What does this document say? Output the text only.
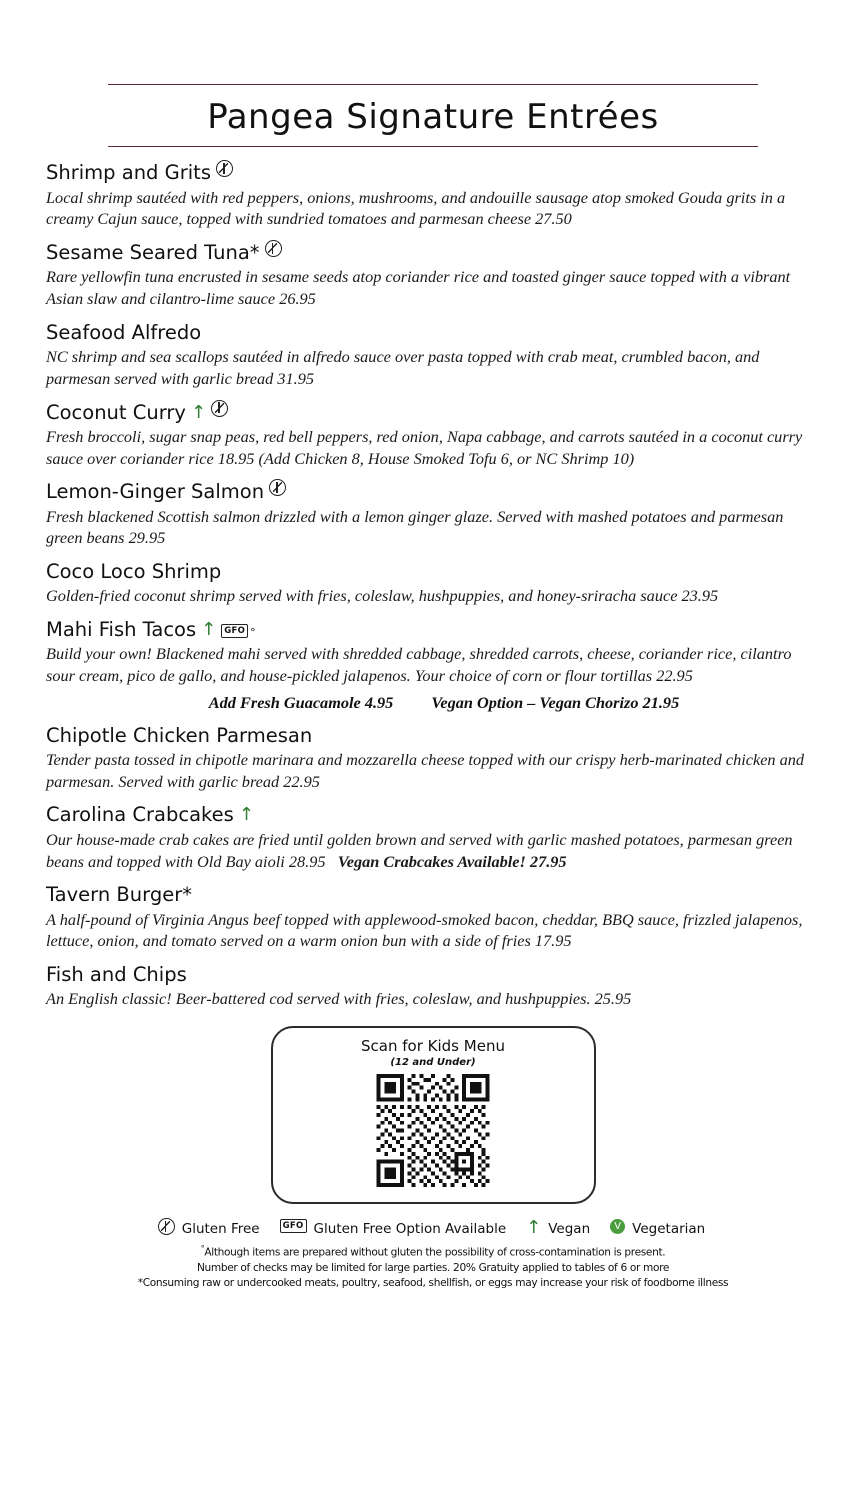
Pangea Signature Entrées
Shrimp and Grits
Local shrimp sautéed with red peppers, onions, mushrooms, and andouille sausage atop smoked Gouda grits in a creamy Cajun sauce, topped with sundried tomatoes and parmesan cheese 27.50
Sesame Seared Tuna*
Rare yellowfin tuna encrusted in sesame seeds atop coriander rice and toasted ginger sauce topped with a vibrant Asian slaw and cilantro-lime sauce 26.95
Seafood Alfredo
NC shrimp and sea scallops sautéed in alfredo sauce over pasta topped with crab meat, crumbled bacon, and parmesan served with garlic bread 31.95
Coconut Curry ↑
Fresh broccoli, sugar snap peas, red bell peppers, red onion, Napa cabbage, and carrots sautéed in a coconut curry sauce over coriander rice 18.95 (Add Chicken 8, House Smoked Tofu 6, or NC Shrimp 10)
Lemon-Ginger Salmon
Fresh blackened Scottish salmon drizzled with a lemon ginger glaze. Served with mashed potatoes and parmesan green beans 29.95
Coco Loco Shrimp
Golden-fried coconut shrimp served with fries, coleslaw, hushpuppies, and honey-sriracha sauce 23.95
Mahi Fish Tacos ↑ GFO °
Build your own! Blackened mahi served with shredded cabbage, shredded carrots, cheese, coriander rice, cilantro sour cream, pico de gallo, and house-pickled jalapenos. Your choice of corn or flour tortillas 22.95
Add Fresh Guacamole 4.95 Vegan Option – Vegan Chorizo 21.95
Chipotle Chicken Parmesan
Tender pasta tossed in chipotle marinara and mozzarella cheese topped with our crispy herb-marinated chicken and parmesan. Served with garlic bread 22.95
Carolina Crabcakes ↑
Our house-made crab cakes are fried until golden brown and served with garlic mashed potatoes, parmesan green beans and topped with Old Bay aioli 28.95 Vegan Crabcakes Available! 27.95
Tavern Burger*
A half-pound of Virginia Angus beef topped with applewood-smoked bacon, cheddar, BBQ sauce, frizzled jalapenos, lettuce, onion, and tomato served on a warm onion bun with a side of fries 17.95
Fish and Chips
An English classic! Beer-battered cod served with fries, coleslaw, and hushpuppies. 25.95
Scan for Kids Menu
(12 and Under)
Gluten Free	GFO Gluten Free Option Available ↑ Vegan	V Vegetarian
°Although items are prepared without gluten the possibility of cross-contamination is present.
Number of checks may be limited for large parties. 20% Gratuity applied to tables of 6 or more
*Consuming raw or undercooked meats, poultry, seafood, shellfish, or eggs may increase your risk of foodborne illness
